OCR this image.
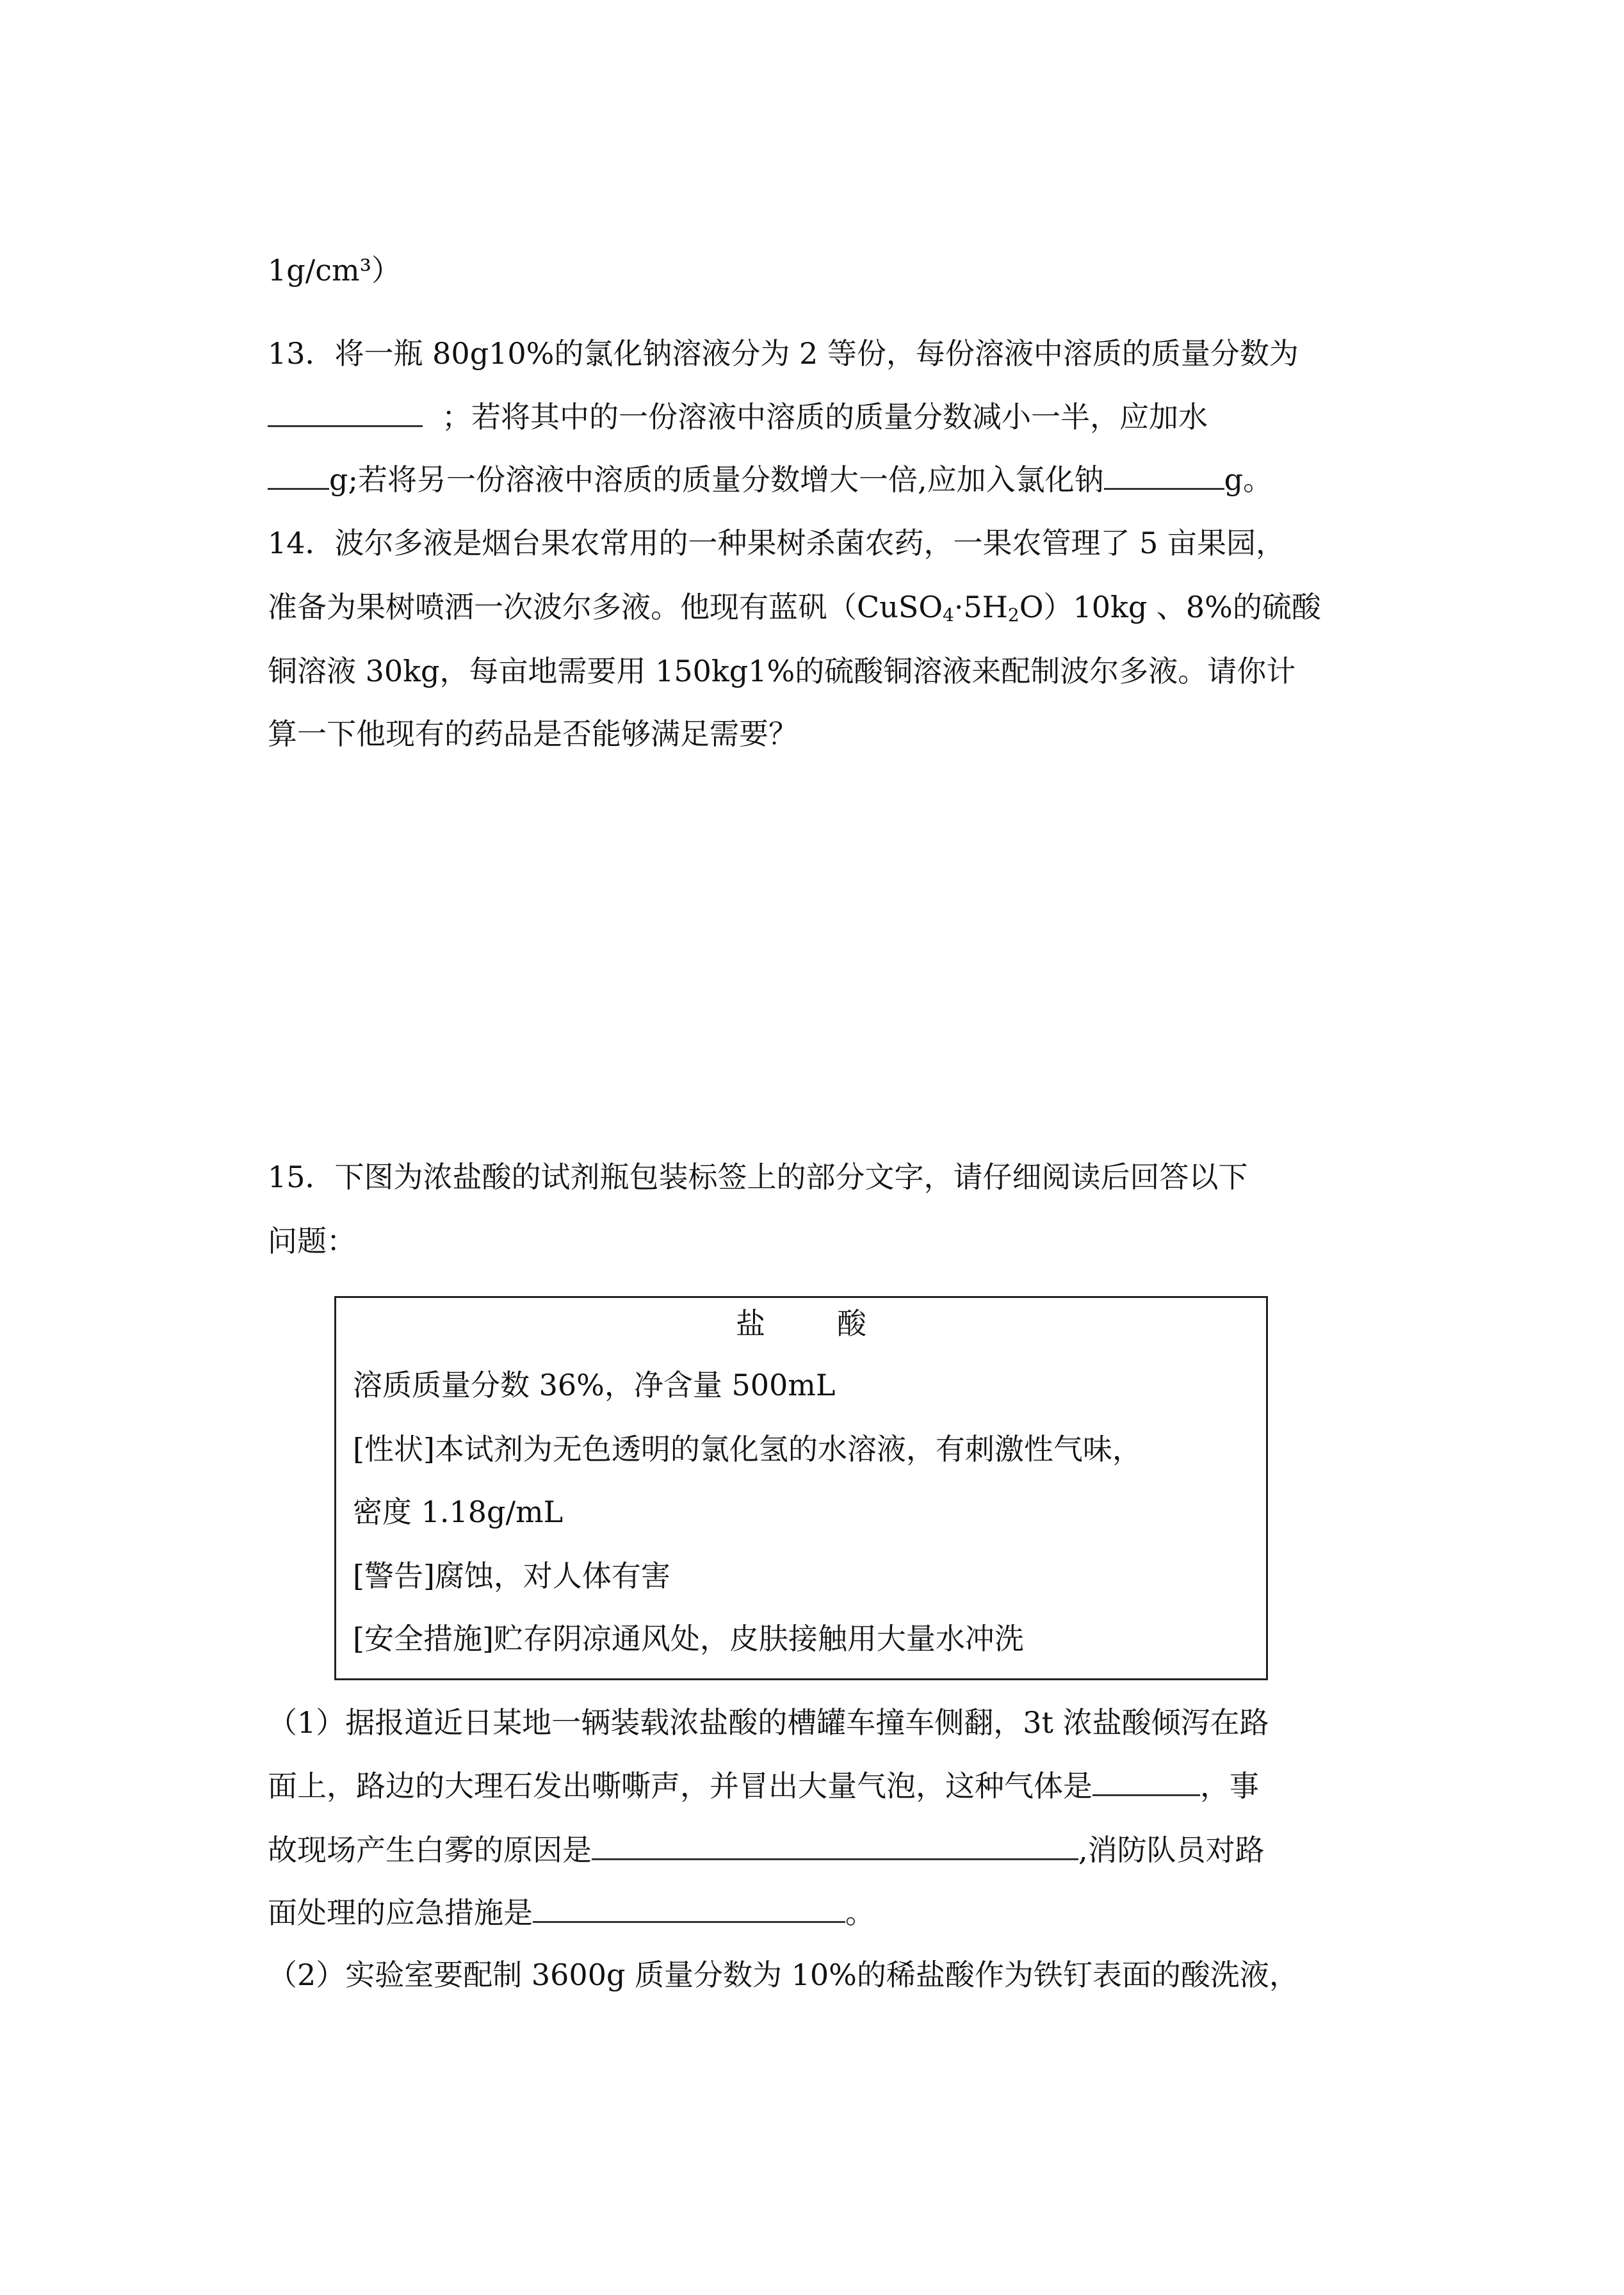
1g/cm³）
13．将一瓶 80g10%的氯化钠溶液分为 2 等份，每份溶液中溶质的质量分数为
；若将其中的一份溶液中溶质的质量分数减小一半，应加水
g;若将另一份溶液中溶质的质量分数增大一倍,应加入氯化钠	g。
14．波尔多液是烟台果农常用的一种果树杀菌农药，一果农管理了 5 亩果园，
准备为果树喷洒一次波尔多液。他现有蓝矾$(CuSO_4\cdot 5H_2O)10kg$ 、8%的硫酸
铜溶液 30kg，每亩地需要用 150kg1%的硫酸铜溶液来配制波尔多液。请你计
算一下他现有的药品是否能够满足需要？
15．下图为浓盐酸的试剂瓶包装标签上的部分文字，请仔细阅读后回答以下
问题：
盐 酸
溶质质量分数 36%，净含量 500mL
[性状]本试剂为无色透明的氯化氢的水溶液，有刺激性气味，
密度 1.18g/mL
[警告]腐蚀，对人体有害
[安全措施]贮存阴凉通风处，皮肤接触用大量水冲洗
（1）据报道近日某地一辆装载浓盐酸的槽罐车撞车侧翻，3t 浓盐酸倾泻在路
面上，路边的大理石发出嘶嘶声，并冒出大量气泡，这种气体是	，事
故现场产生白雾的原因是	,消防队员对路
面处理的应急措施是	。
（2）实验室要配制 3600g 质量分数为 10%的稀盐酸作为铁钉表面的酸洗液，
